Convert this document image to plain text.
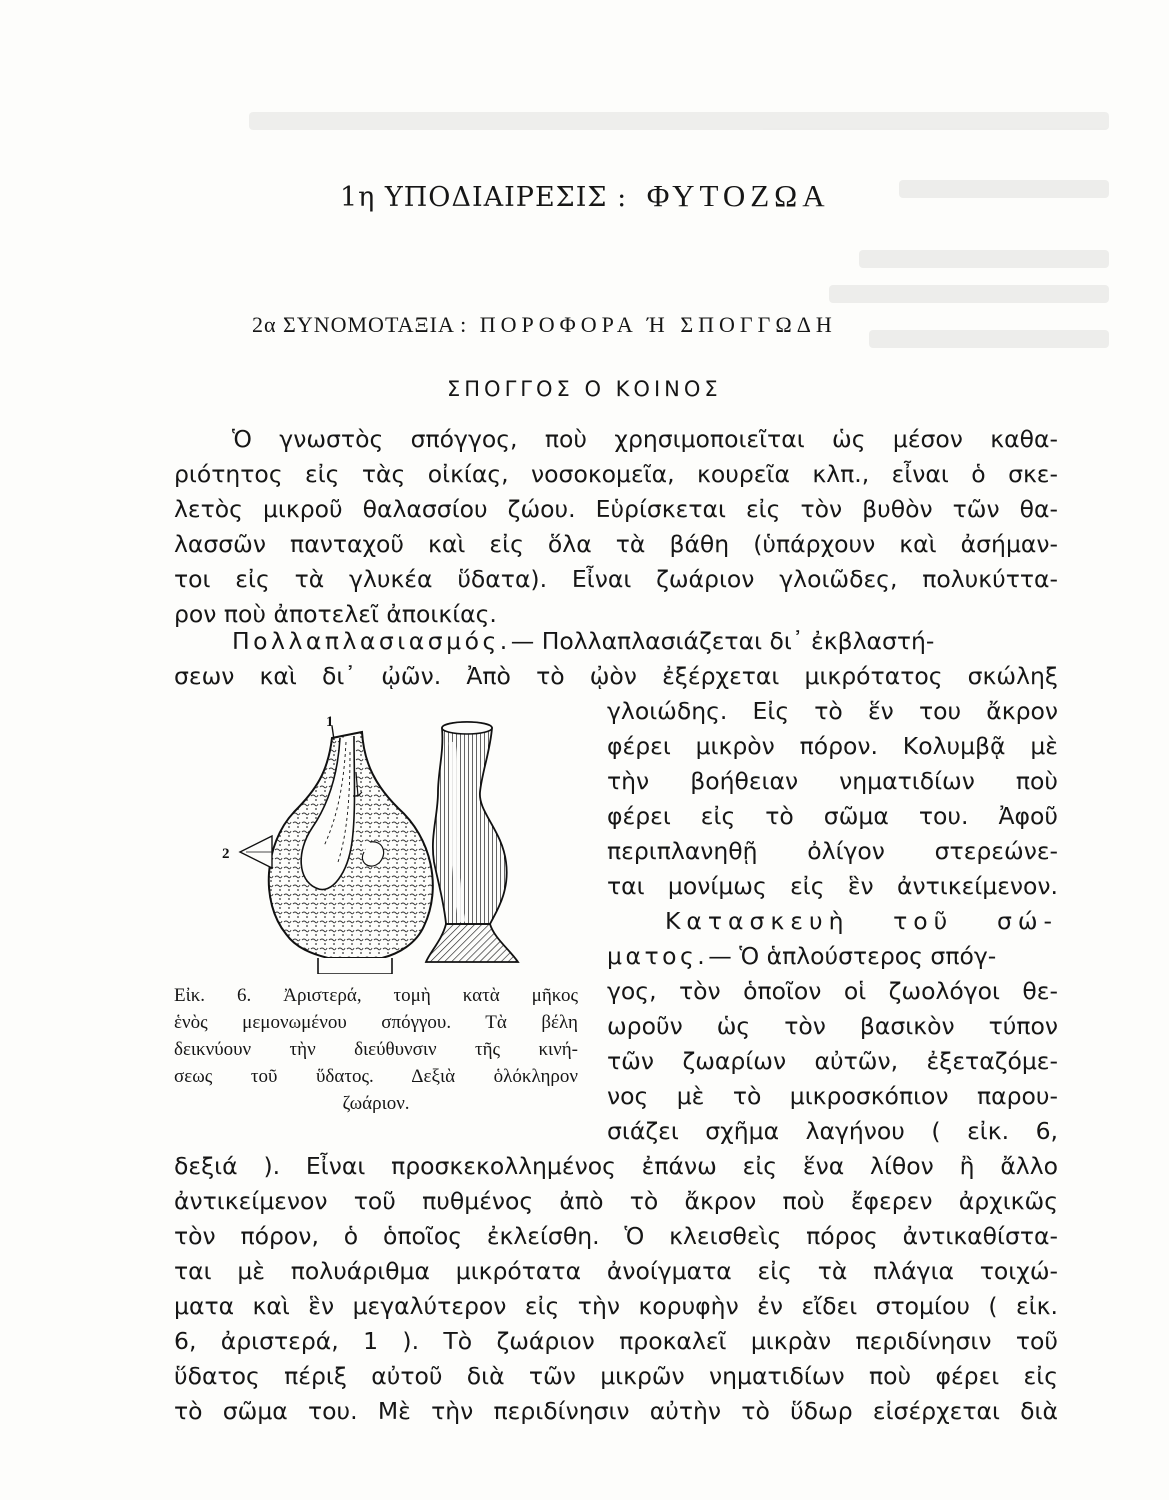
1η ΥΠΟΔΙΑΙΡΕΣΙΣ : ΦΥΤΟΖΩΑ
2α ΣΥΝΟΜΟΤΑΞΙΑ : ΠΟΡΟΦΟΡΑ Ή ΣΠΟΓΓΩΔΗ
ΣΠΟΓΓΟΣ Ο ΚΟΙΝΟΣ
Ὁ γνωστὸς σπόγγος, ποὺ χρησιμοποιεῖται ὡς μέσον καθα-
ριότητος εἰς τὰς οἰκίας, νοσοκομεῖα, κουρεῖα κλπ., εἶναι ὁ σκε-
λετὸς μικροῦ θαλασσίου ζώου. Εὑρίσκεται εἰς τὸν βυθὸν τῶν θα-
λασσῶν πανταχοῦ καὶ εἰς ὅλα τὰ βάθη (ὑπάρχουν καὶ ἀσήμαν-
τοι εἰς τὰ γλυκέα ὕδατα). Εἶναι ζωάριον γλοιῶδες, πολυκύττα-
ρον ποὺ ἀποτελεῖ ἀποικίας.
Πολλαπλασιασμός.— Πολλαπλασιάζεται δι᾽ ἐκβλαστή-
σεων καὶ δι᾽ ᾠῶν. Ἀπὸ τὸ ᾠὸν ἐξέρχεται μικρότατος σκώληξ
γλοιώδης. Εἰς τὸ ἕν του ἄκρον
φέρει μικρὸν πόρον. Κολυμβᾷ μὲ
τὴν βοήθειαν νηματιδίων ποὺ
φέρει εἰς τὸ σῶμα του. Ἀφοῦ
περιπλανηθῇ ὀλίγον στερεώνε-
ται μονίμως εἰς ἓν ἀντικείμενον.
Κατασκευὴ τοῦ σώ-
ματος.— Ὁ ἁπλούστερος σπόγ-
γος, τὸν ὁποῖον οἱ ζωολόγοι θε-
ωροῦν ὡς τὸν βασικὸν τύπον
τῶν ζωαρίων αὐτῶν, ἐξεταζόμε-
νος μὲ τὸ μικροσκόπιον παρου-
σιάζει σχῆμα λαγήνου ( εἰκ. 6,
δεξιά ). Εἶναι προσκεκολλημένος ἐπάνω εἰς ἕνα λίθον ἢ ἄλλο
ἀντικείμενον τοῦ πυθμένος ἀπὸ τὸ ἄκρον ποὺ ἔφερεν ἀρχικῶς
τὸν πόρον, ὁ ὁποῖος ἐκλείσθη. Ὁ κλεισθεὶς πόρος ἀντικαθίστα-
ται μὲ πολυάριθμα μικρότατα ἀνοίγματα εἰς τὰ πλάγια τοιχώ-
ματα καὶ ἓν μεγαλύτερον εἰς τὴν κορυφὴν ἐν εἴδει στομίου ( εἰκ.
6, ἀριστερά, 1 ). Τὸ ζωάριον προκαλεῖ μικρὰν περιδίνησιν τοῦ
ὕδατος πέριξ αὐτοῦ διὰ τῶν μικρῶν νηματιδίων ποὺ φέρει εἰς
τὸ σῶμα του. Μὲ τὴν περιδίνησιν αὐτὴν τὸ ὕδωρ εἰσέρχεται διὰ
1
2
Εἰκ. 6. Ἀριστερά, τομὴ κατὰ μῆκος
ἑνὸς μεμονωμένου σπόγγου. Τὰ βέλη
δεικνύουν τὴν διεύθυνσιν τῆς κινή-
σεως τοῦ ὕδατος. Δεξιὰ ὁλόκληρον
ζωάριον.
